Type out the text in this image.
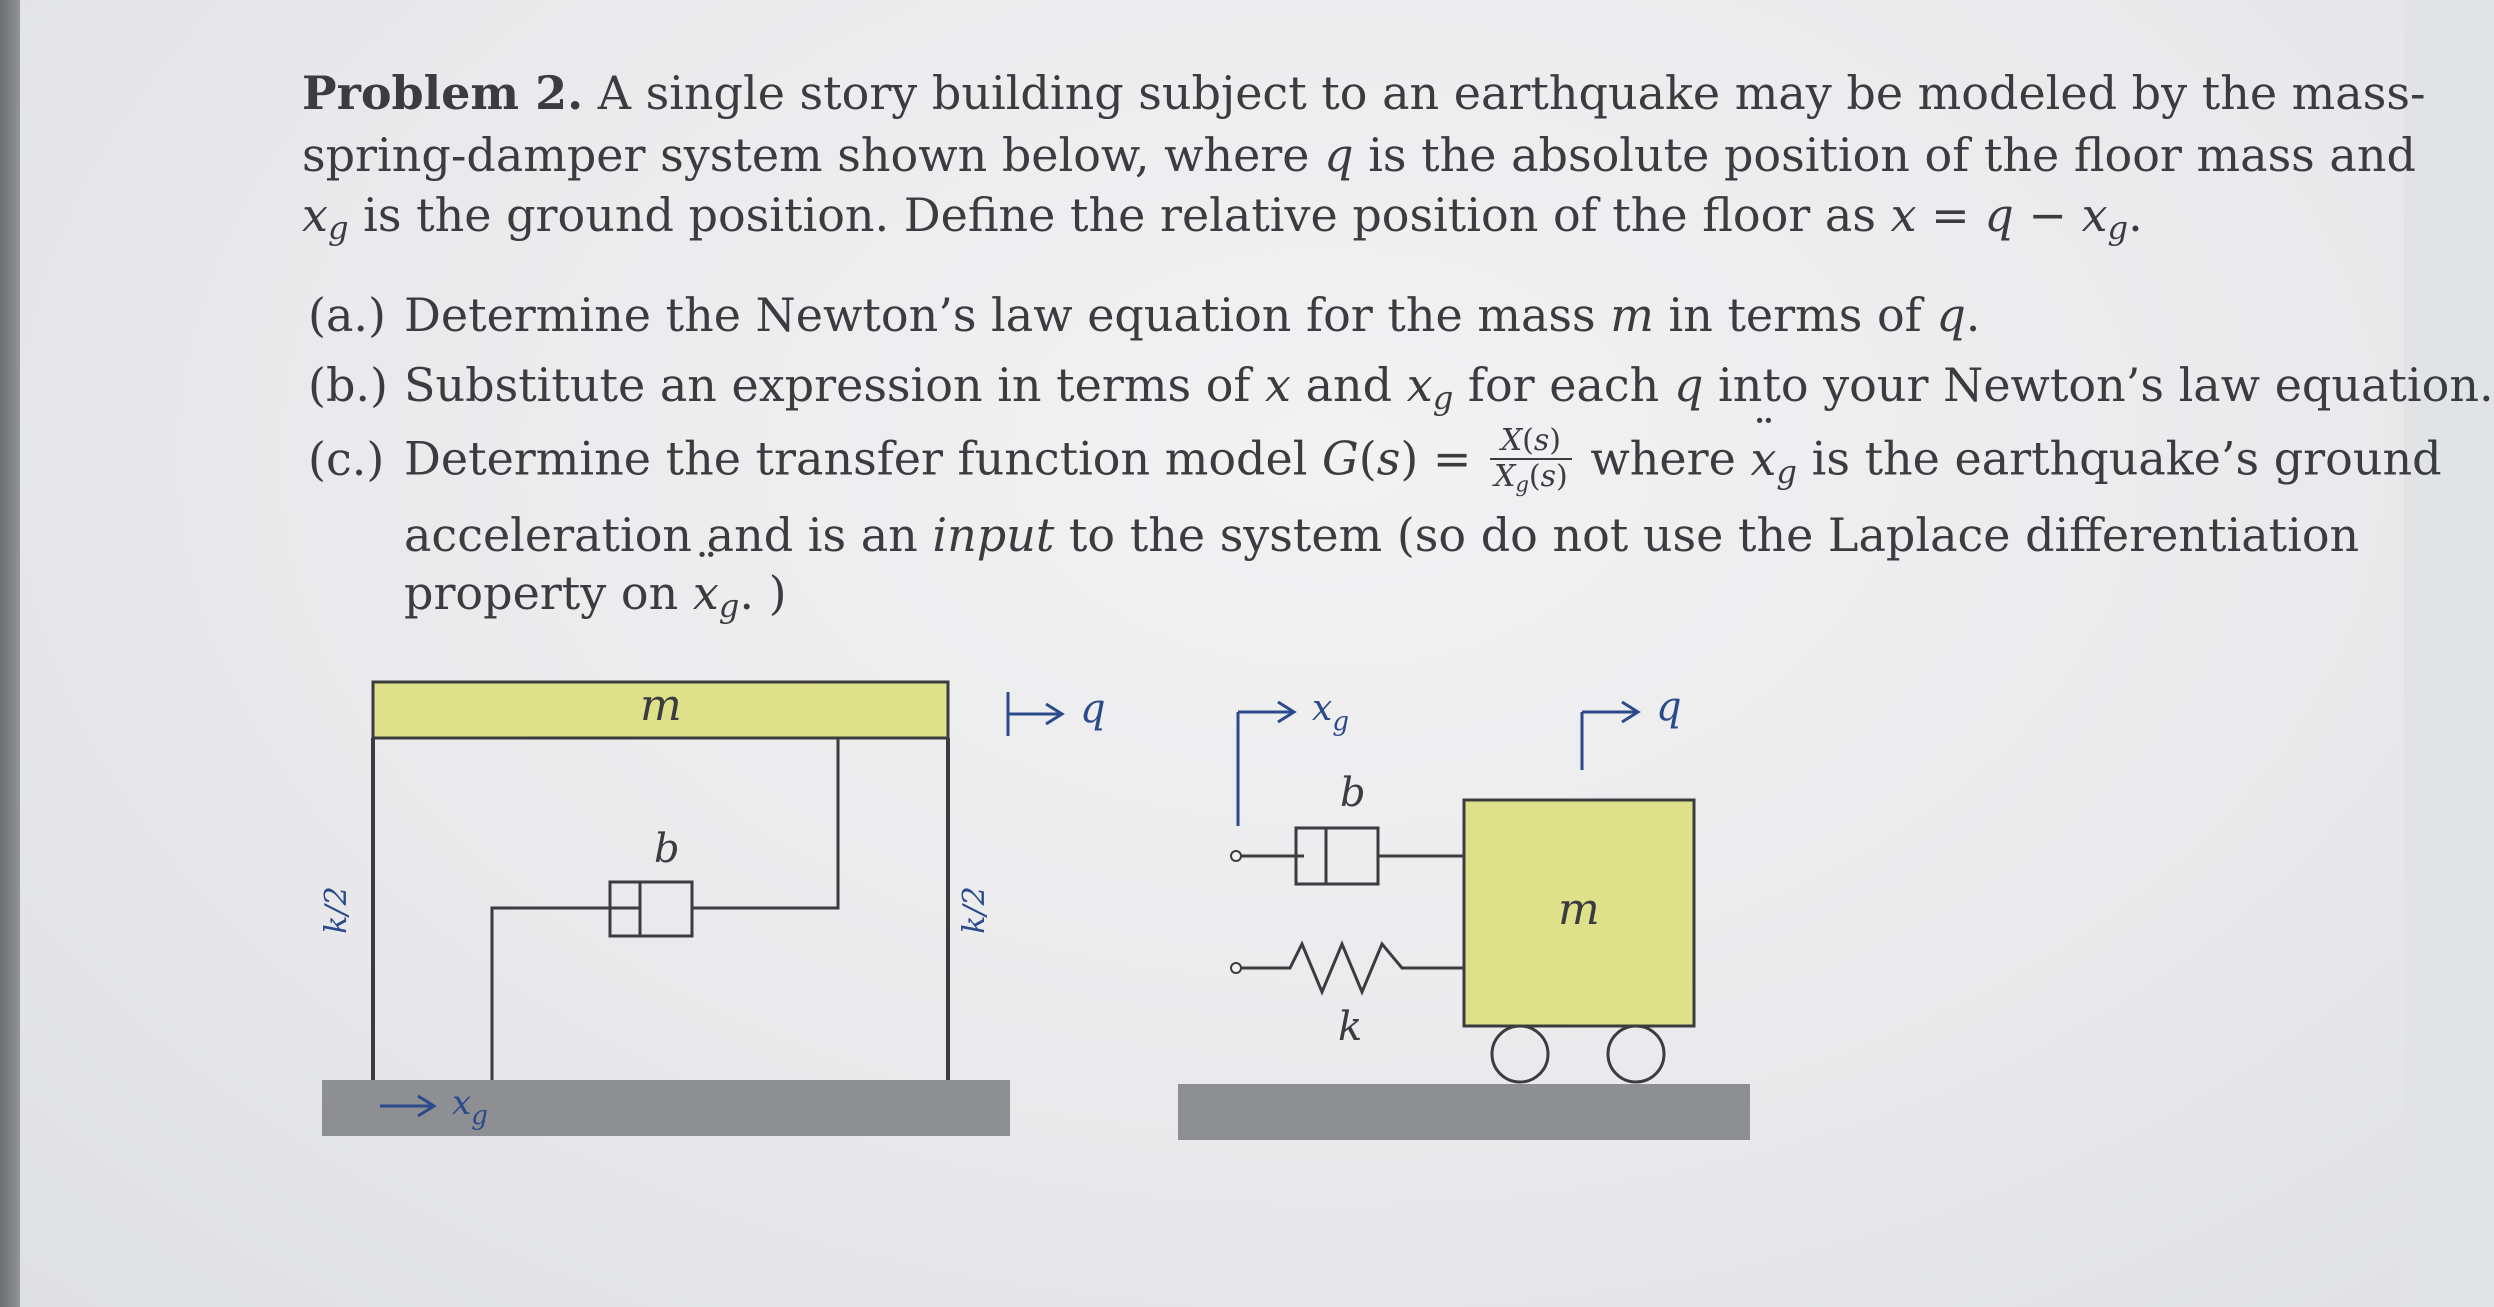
Problem 2. A single story building subject to an earthquake may be modeled by the mass-
spring-damper system shown below, where q is the absolute position of the floor mass and
$x_g$ is the ground position. Define the relative position of the floor as $x = q - x_g$.
(a.) Determine the Newton’s law equation for the mass m in terms of q.
(b.) Substitute an expression in terms of x and $x_g$ for each q into your Newton’s law equation.
(c.) Determine the transfer function model $G(s) = \frac{X(s)}{X_g(s)}$ where ¨ $x_g$ is the earthquake’s ground
acceleration and is an input to the system (so do not use the Laplace differentiation
property on ¨ $x_g$. )
b
m
k/2	k/2
q
$x_g$
m
b
k
$x_g$	q
